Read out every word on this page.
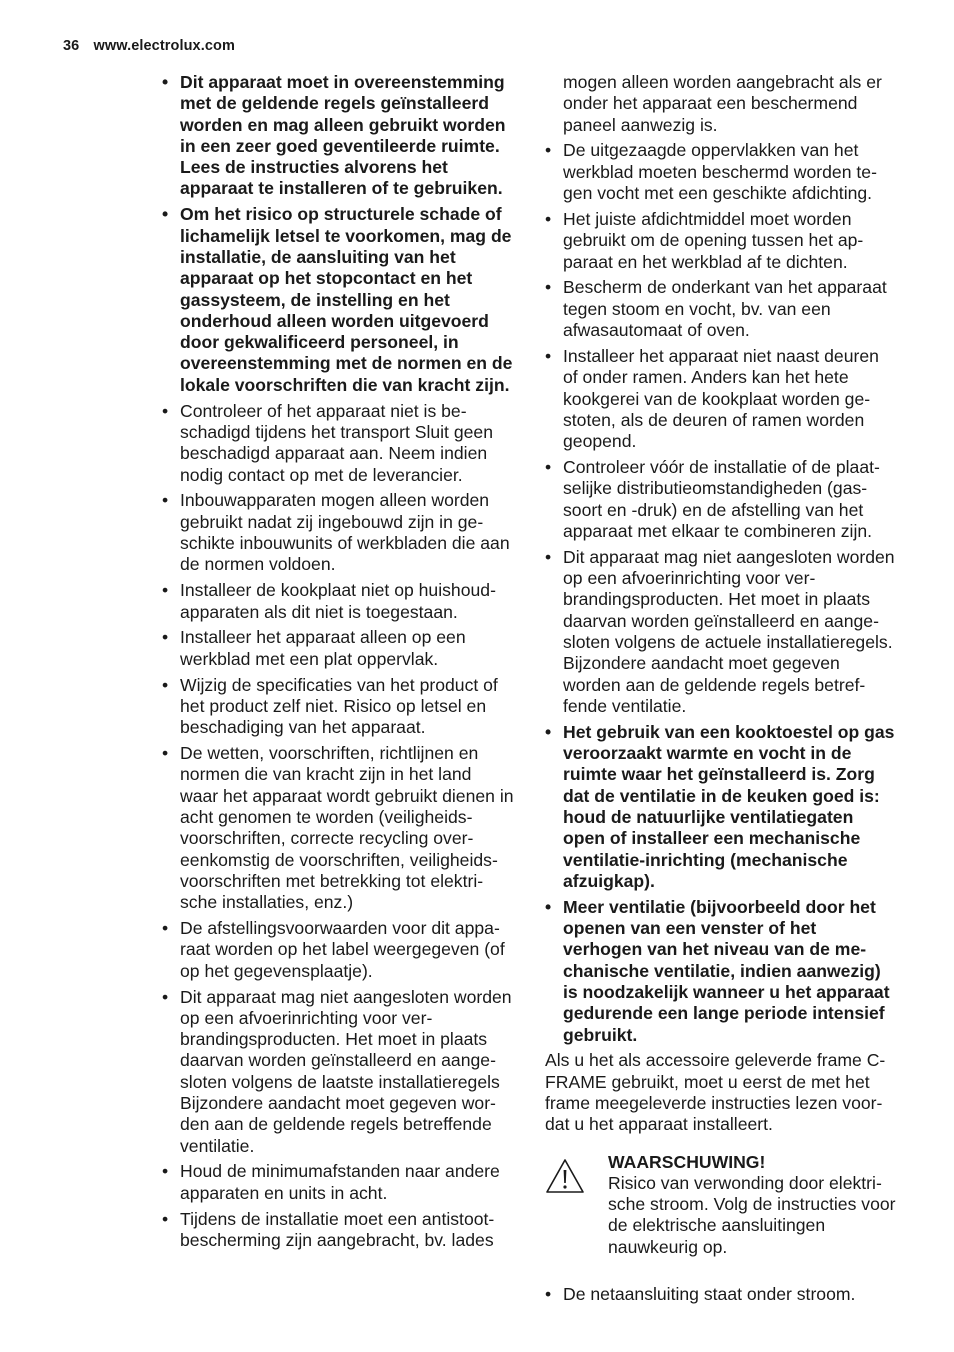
36 www.electrolux.com
• Dit apparaat moet in overeenstemming met de geldende regels geïnstalleerd worden en mag alleen gebruikt worden in een zeer goed geventileerde ruimte. Lees de instructies alvorens het apparaat te installeren of te gebruiken.
• Om het risico op structurele schade of lichamelijk letsel te voorkomen, mag de installatie, de aansluiting van het apparaat op het stopcontact en het gassysteem, de instelling en het onderhoud alleen worden uitgevoerd door gekwalificeerd personeel, in overeenstemming met de normen en de lokale voorschriften die van kracht zijn.
• Controleer of het apparaat niet is beschadigd tijdens het transport Sluit geen beschadigd apparaat aan. Neem indien nodig contact op met de leverancier.
• Inbouwapparaten mogen alleen worden gebruikt nadat zij ingebouwd zijn in geschikte inbouwunits of werkbladen die aan de normen voldoen.
• Installeer de kookplaat niet op huishoudapparaten als dit niet is toegestaan.
• Installeer het apparaat alleen op een werkblad met een plat oppervlak.
• Wijzig de specificaties van het product of het product zelf niet. Risico op letsel en beschadiging van het apparaat.
• De wetten, voorschriften, richtlijnen en normen die van kracht zijn in het land waar het apparaat wordt gebruikt dienen in acht genomen te worden (veiligheidsvoorschriften, correcte recycling overeenkomstig de voorschriften, veiligheidsvoorschriften met betrekking tot elektrische installaties, enz.)
• De afstellingsvoorwaarden voor dit apparaat worden op het label weergegeven (of op het gegevensplaatje).
• Dit apparaat mag niet aangesloten worden op een afvoerinrichting voor verbrandingsproducten. Het moet in plaats daarvan worden geïnstalleerd en aangesloten volgens de laatste installatieregels Bijzondere aandacht moet gegeven worden aan de geldende regels betreffende ventilatie.
• Houd de minimumafstanden naar andere apparaten en units in acht.
• Tijdens de installatie moet een antistootbescherming zijn aangebracht, bv. lades

mogen alleen worden aangebracht als er onder het apparaat een beschermend paneel aanwezig is.

• De uitgezaagde oppervlakken van het werkblad moeten beschermd worden tegen vocht met een geschikte afdichting.
• Het juiste afdichtmiddel moet worden gebruikt om de opening tussen het apparaat en het werkblad af te dichten.
• Bescherm de onderkant van het apparaat tegen stoom en vocht, bv. van een afwasautomaat of oven.
• Installeer het apparaat niet naast deuren of onder ramen. Anders kan het hete kookgerei van de kookplaat worden gestoten, als de deuren of ramen worden geopend.
• Controleer vóór de installatie of de plaatselijke distributieomstandigheden (gassoort en -druk) en de afstelling van het apparaat met elkaar te combineren zijn.
• Dit apparaat mag niet aangesloten worden op een afvoerinrichting voor verbrandingsproducten. Het moet in plaats daarvan worden geïnstalleerd en aangesloten volgens de actuele installatieregels. Bijzondere aandacht moet gegeven worden aan de geldende regels betreffende ventilatie.
• Het gebruik van een kooktoestel op gas veroorzaakt warmte en vocht in de ruimte waar het geïnstalleerd is. Zorg dat de ventilatie in de keuken goed is: houd de natuurlijke ventilatiegaten open of installeer een mechanische ventilatie-inrichting (mechanische afzuigkap).
• Meer ventilatie (bijvoorbeeld door het openen van een venster of het verhogen van het niveau van de mechanische ventilatie, indien aanwezig) is noodzakelijk wanneer u het apparaat gedurende een lange periode intensief gebruikt.

Als u het als accessoire geleverde frame C-FRAME gebruikt, moet u eerst de met het frame meegeleverde instructies lezen voordat u het apparaat installeert.

WAARSCHUWING!
Risico van verwonding door elektrische stroom. Volg de instructies voor de elektrische aansluitingen nauwkeurig op.
• De netaansluiting staat onder stroom.
